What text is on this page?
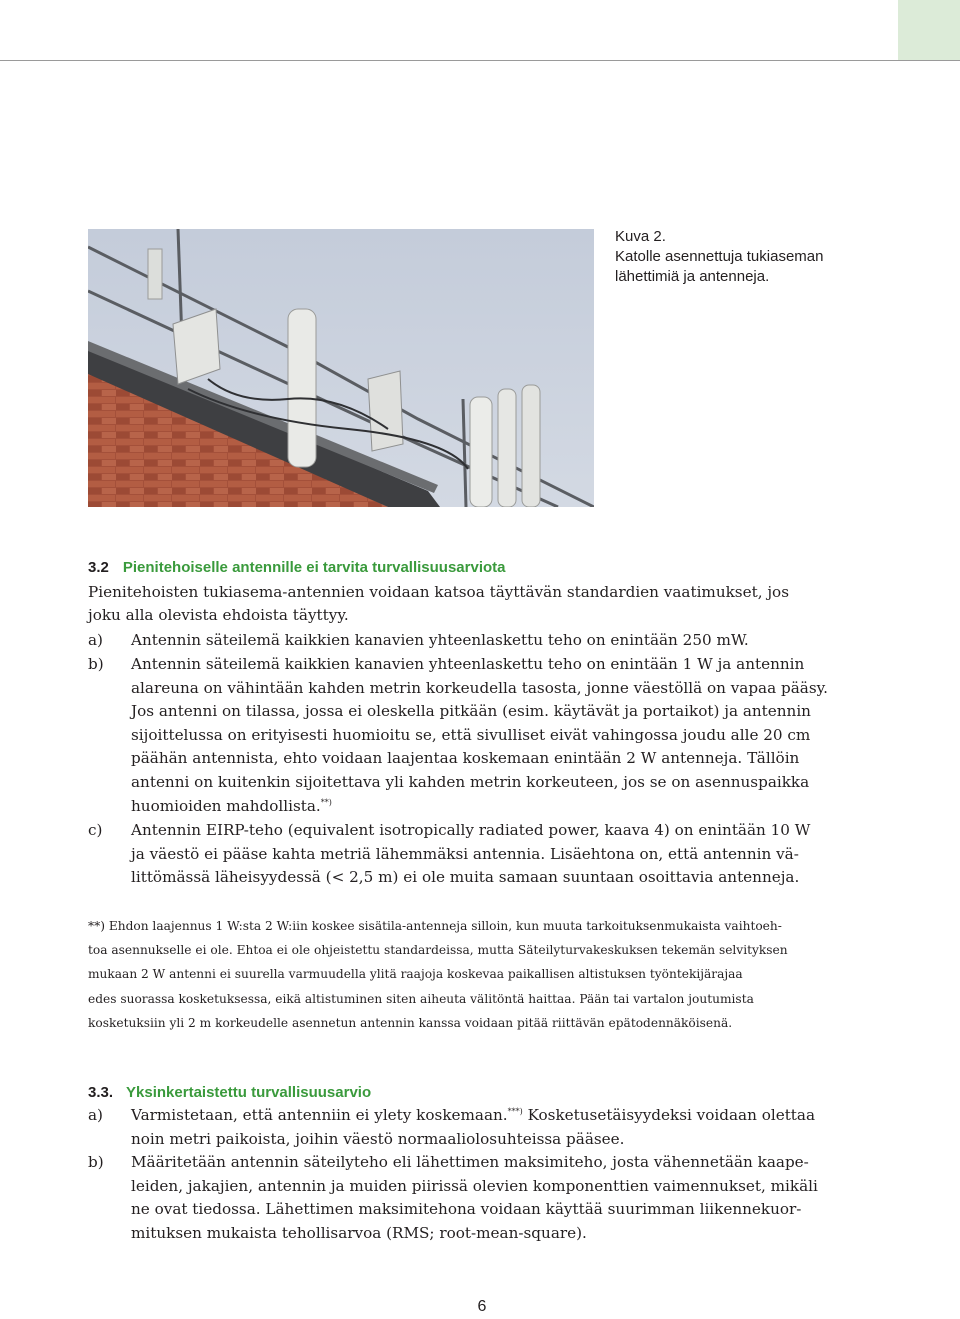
Kuva 2.
Katolle asennettuja tukiaseman
lähettimiä ja antenneja.
3.2 Pienitehoiselle antennille ei tarvita turvallisuusarviota
Pienitehoisten tukiasema-antennien voidaan katsoa täyttävän standardien vaatimukset, jos
joku alla olevista ehdoista täyttyy.
a) Antennin säteilemä kaikkien kanavien yhteenlaskettu teho on enintään 250 mW.
b) Antennin säteilemä kaikkien kanavien yhteenlaskettu teho on enintään 1 W ja antennin
alareuna on vähintään kahden metrin korkeudella tasosta, jonne väestöllä on vapaa pääsy.
Jos antenni on tilassa, jossa ei oleskella pitkään (esim. käytävät ja portaikot) ja antennin
sijoittelussa on erityisesti huomioitu se, että sivulliset eivät vahingossa joudu alle 20 cm
päähän antennista, ehto voidaan laajentaa koskemaan enintään 2 W antenneja. Tällöin
antenni on kuitenkin sijoitettava yli kahden metrin korkeuteen, jos se on asennuspaikka
huomioiden mahdollista.**)
c) Antennin EIRP-teho (equivalent isotropically radiated power, kaava 4) on enintään 10 W
ja väestö ei pääse kahta metriä lähemmäksi antennia. Lisäehtona on, että antennin vä-
littömässä läheisyydessä (< 2,5 m) ei ole muita samaan suuntaan osoittavia antenneja.
**) Ehdon laajennus 1 W:sta 2 W:iin koskee sisätila-antenneja silloin, kun muuta tarkoituksenmukaista vaihtoeh-
toa asennukselle ei ole. Ehtoa ei ole ohjeistettu standardeissa, mutta Säteilyturvakeskuksen tekemän selvityksen
mukaan 2 W antenni ei suurella varmuudella ylitä raajoja koskevaa paikallisen altistuksen työntekijärajaa
edes suorassa kosketuksessa, eikä altistuminen siten aiheuta välitöntä haittaa. Pään tai vartalon joutumista
kosketuksiin yli 2 m korkeudelle asennetun antennin kanssa voidaan pitää riittävän epätodennäköisenä.
3.3. Yksinkertaistettu turvallisuusarvio
a) Varmistetaan, että antenniin ei ylety koskemaan.***) Kosketusetäisyydeksi voidaan olettaa
noin metri paikoista, joihin väestö normaaliolosuhteissa pääsee.
b) Määritetään antennin säteilyteho eli lähettimen maksimiteho, josta vähennetään kaape-
leiden, jakajien, antennin ja muiden piirissä olevien komponenttien vaimennukset, mikäli
ne ovat tiedossa. Lähettimen maksimitehona voidaan käyttää suurimman liikennekuor-
mituksen mukaista tehollisarvoa (RMS; root-mean-square).
6
